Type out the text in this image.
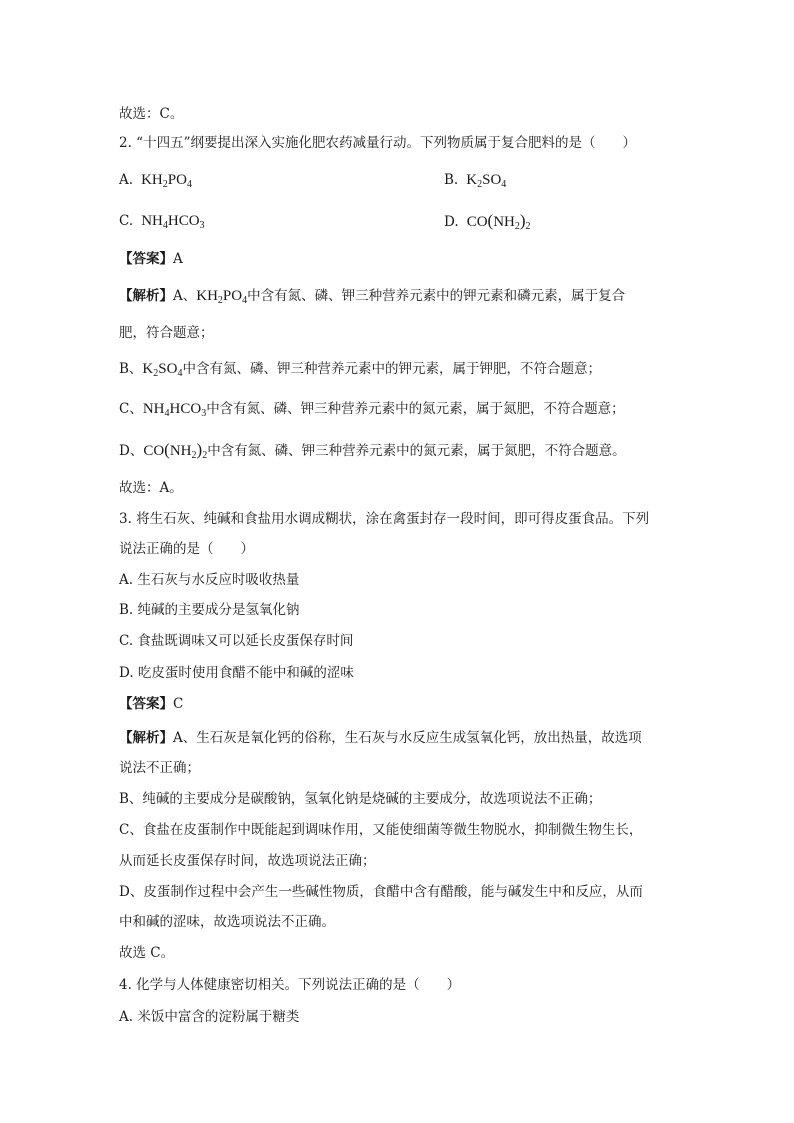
故选：C。
2. “十四五”纲要提出深入实施化肥农药减量行动。下列物质属于复合肥料的是（　　）
A.  $KH_2PO_4$	B.  $K_2SO_4$
C.  $NH_4HCO_3$	D.  $CO(NH_2)_2$
【答案】A
【解析】A、$KH_2PO_4$中含有氮、磷、钾三种营养元素中的钾元素和磷元素，属于复合
肥，符合题意；
B、$K_2SO_4$中含有氮、磷、钾三种营养元素中的钾元素，属于钾肥，不符合题意；
C、$NH_4HCO_3$中含有氮、磷、钾三种营养元素中的氮元素，属于氮肥，不符合题意；
D、$CO(NH_2)_2$中含有氮、磷、钾三种营养元素中的氮元素，属于氮肥，不符合题意。
故选：A。
3. 将生石灰、纯碱和食盐用水调成糊状，涂在禽蛋封存一段时间，即可得皮蛋食品。下列
说法正确的是（　　）
A. 生石灰与水反应时吸收热量
B. 纯碱的主要成分是氢氧化钠
C. 食盐既调味又可以延长皮蛋保存时间
D. 吃皮蛋时使用食醋不能中和碱的涩味
【答案】C
【解析】A、生石灰是氧化钙的俗称，生石灰与水反应生成氢氧化钙，放出热量，故选项
说法不正确；
B、纯碱的主要成分是碳酸钠，氢氧化钠是烧碱的主要成分，故选项说法不正确；
C、食盐在皮蛋制作中既能起到调味作用，又能使细菌等微生物脱水，抑制微生物生长，
从而延长皮蛋保存时间，故选项说法正确；
D、皮蛋制作过程中会产生一些碱性物质，食醋中含有醋酸，能与碱发生中和反应，从而
中和碱的涩味，故选项说法不正确。
故选 C。
4. 化学与人体健康密切相关。下列说法正确的是（　　）
A. 米饭中富含的淀粉属于糖类
